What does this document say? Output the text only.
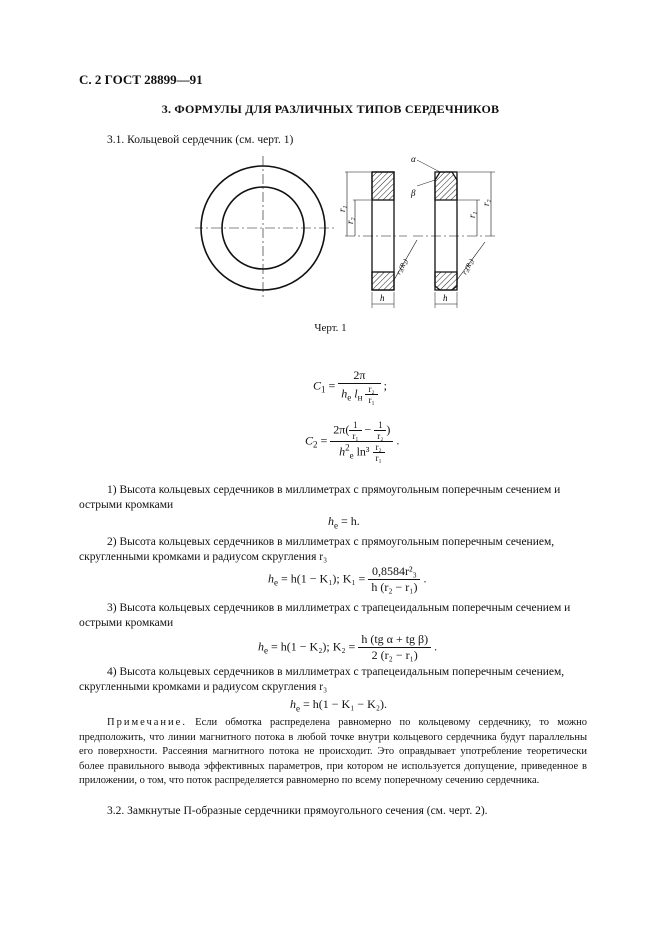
С. 2 ГОСТ 28899—91
3. ФОРМУЛЫ ДЛЯ РАЗЛИЧНЫХ ТИПОВ СЕРДЕЧНИКОВ
3.1. Кольцевой сердечник (см. черт. 1)
$r_1$
$r_2$
r₃(R₃)
h
$r_2$
$r_1$
r₃(R₃)
h
α
β
Черт. 1
$C_1 = \frac{2\pi}{h_e l_н \frac{\text{r₂}}{\text{r₁}}}$ ;
$C_2 = \frac{2\pi( \frac{1}{\text{r₁}} - \frac{1}{\text{r₂}} )}{h^2_e \ln^3 \frac{\text{r₂}}{\text{r₁}}}$ .
1) Высота кольцевых сердечников в миллиметрах с прямоугольным поперечным сечением и острыми кромками
$h_e = h$.
2) Высота кольцевых сердечников в миллиметрах с прямоугольным поперечным сечением, скругленными кромками и радиусом скругления r₃
$h_e = h(1 - K_1)$; $K_1 = \frac{\text{0,8584r²₃}}{\text{h (r₂ − r₁)}}$ .
3) Высота кольцевых сердечников в миллиметрах с трапецеидальным поперечным сечением и острыми кромками
$h_e = h(1 - K_2)$; $K_2 = \frac{\text{h (tg α + tg β)}}{\text{2 (r₂ − r₁)}}$ .
4) Высота кольцевых сердечников в миллиметрах с трапецеидальным поперечным сечением, скругленными кромками и радиусом скругления r₃
$h_e = h(1 - K_1 - K_2)$.
Примечание. Если обмотка распределена равномерно по кольцевому сердечнику, то можно предположить, что линии магнитного потока в любой точке внутри кольцевого сердечника будут параллельны его поверхности. Рассеяния магнитного потока не происходит. Это оправдывает употребление теоретически более правильного вывода эффективных параметров, при котором не используется допущение, приведенное в приложении, о том, что поток распределяется равномерно по всему поперечному сечению сердечника.
3.2. Замкнутые П-образные сердечники прямоугольного сечения (см. черт. 2).
